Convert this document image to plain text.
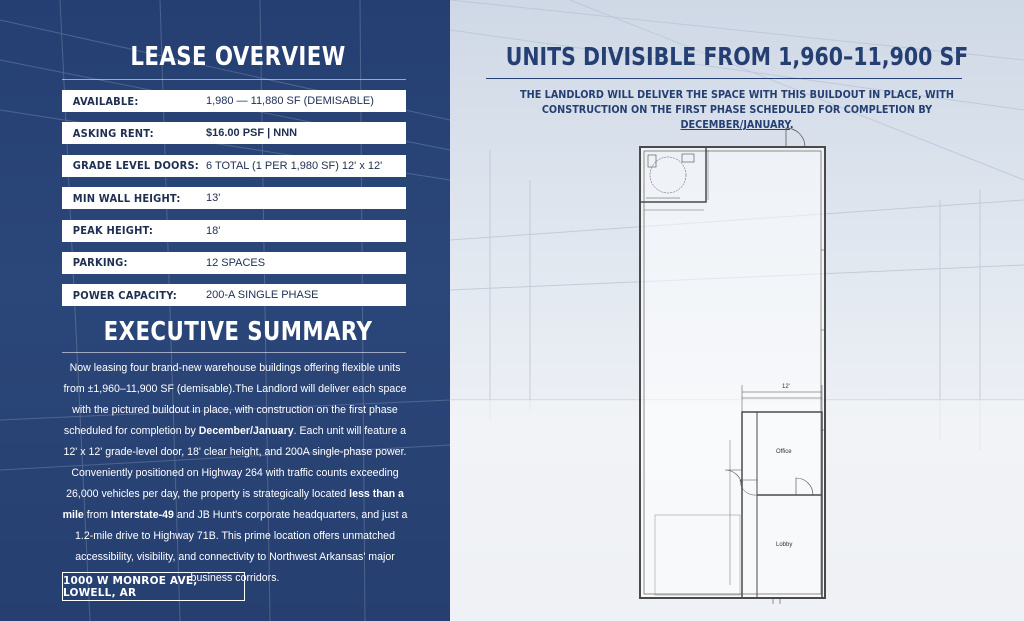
LEASE OVERVIEW
AVAILABLE:	1,980 — 11,880 SF (DEMISABLE)
ASKING RENT:	$16.00 PSF | NNN
GRADE LEVEL DOORS: 6 TOTAL (1 PER 1,980 SF) 12' x 12'
MIN WALL HEIGHT:	13'
PEAK HEIGHT:	18'
PARKING:	12 SPACES
POWER CAPACITY:	200-A SINGLE PHASE
EXECUTIVE SUMMARY
Now leasing four brand-new warehouse buildings offering flexible units from ±1,960–11,900 SF (demisable).The Landlord will deliver each space with the pictured buildout in place, with construction on the first phase scheduled for completion by December/January. Each unit will feature a 12' x 12' grade-level door, 18' clear height, and 200A single-phase power. Conveniently positioned on Highway 264 with traffic counts exceeding 26,000 vehicles per day, the property is strategically located less than a mile from Interstate-49 and JB Hunt's corporate headquarters, and just a 1.2-mile drive to Highway 71B. This prime location offers unmatched accessibility, visibility, and connectivity to Northwest Arkansas' major business corridors.
1000 W MONROE AVE, LOWELL, AR
UNITS DIVISIBLE FROM 1,960–11,900 SF
THE LANDLORD WILL DELIVER THE SPACE WITH THIS BUILDOUT IN PLACE, WITH CONSTRUCTION ON THE FIRST PHASE SCHEDULED FOR COMPLETION BY DECEMBER/JANUARY.
12'
Office
Lobby
